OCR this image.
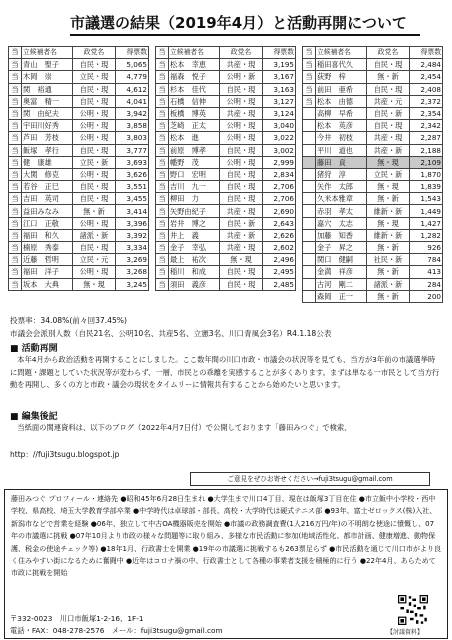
市議選の結果（2019年4月）と活動再開について
当	立候補者名	政党名	得票数
当	青山　聖子	自民・現	5,065
当	木岡　崇	立民・現	4,779
当	関　裕通	自民・現	4,612
当	奥富　精一	自民・現	4,041
当	関　由紀夫	公明・現	3,942
当	宇田川好秀	公明・現	3,858
当	芦田　芳枝	公明・現	3,803
当	飯塚　孝行	自民・現	3,777
当	健　康雄	立民・新	3,693
当	大関　修克	公明・現	3,626
当	若谷　正巳	自民・現	3,551
当	吉田　英司	自民・現	3,455
当	益田みなみ	無・新	3,414
当	江口　正敬	公明・現	3,396
当	福田　和久	諸派・新	3,392
当	楠原　秀泰	自民・現	3,334
当	近藤　哲明	立民・元	3,269
当	福田　洋子	公明・現	3,268
当	坂本　大典	無・現	3,245
当	立候補者名	政党名	得票数
当	松本　幸恵	共産・現	3,195
当	福森　悦子	公明・新	3,167
当	杉本　佳代	自民・現	3,163
当	石橋　信伸	公明・現	3,127
当	板橋　博英	共産・現	3,124
当	芝崎　正太	公明・現	3,040
当	松本　進	公明・現	3,022
当	前原　博孝	自民・現	3,002
当	幡野　茂	公明・現	2,999
当	野口　宏明	自民・現	2,834
当	吉川　九一	自民・現	2,706
当	柳田　力	自民・現	2,706
当	矢野由紀子	共産・現	2,690
当	岩井　博之	自民・新	2,643
当	井上　義	共産・新	2,626
当	金子　幸弘	共産・現	2,602
当	最上　祐次	無・現	2,496
当	稲川　和成	自民・現	2,495
当	須田　義彦	自民・現	2,485
当	立候補者名	政党名	得票数
当	稲田喜代久	自民・現	2,484
当	荻野　梓	無・新	2,454
当	前田　亜希	自民・現	2,408
当	松本　由德	共産・元	2,372
	高柳　早希	自民・新	2,354
	松本　英彦	自民・現	2,342
	今井　初枝	共産・現	2,287
	平川　道也	共産・新	2,188
	藤田　貢	無・現	2,109
	猪狩　淳	立民・新	1,870
	矢作　太郎	無・現	1,839
	久米本雅章	無・新	1,543
	赤羽　孝太	維新・新	1,449
	嘉穴　太志	無・現	1,427
	加藤　知香	維新・新	1,282
	金子　昇之	無・新	926
	関口　健嗣	社民・新	784
	金満　祥彦	無・新	413
	古河　剛二	諸派・新	284
	森岡　正一	無・新	200
投票率：34.08%(前々回37.45%)
市議会会派別人数（自民21名、公明10名、共産5名、立憲3名、川口青風会3名）R4.1.18公表
■ 活動再開
本年4月から政治活動を再開することにしました。ここ数年間の川口市政・市議会の状況等を見ても、当方が3年前の市議選挙時に問題・課題としていた状況等が変わらず、一層、市民との乖離を実感することが多くあります。まずは単なる一市民として当方行動を再開し、多くの方と市政・議会の現状をタイムリーに情報共有することから始めたいと思います。
■ 編集後記
当紙面の関連資料は、以下のブログ（2022年4月7日付）で公開しております「藤田みつぐ」で検索、
http：//fuji3tsugu.blogspot.jp
ご意見をぜひお寄せください→fuji3tsugu@gmail.com
藤田みつぐ プロフィール・連絡先 ●昭和45年6月28日生まれ ●大学生まで川口4丁目、現在は飯塚3丁目在住 ●市立飯中小学校・西中学校、県高校、埼玉大学教育学部卒業 ●中学時代は卓球部・部長、高校・大学時代は硬式テニス部 ●93年、富士ゼロックス(株)入社、新潟市などで営業を経験 ●06年、独立して中古OA機器販売を開始 ●市議の政務調査費(1人216万円/年)の不明朗な使途に憤慨し、07年の市議選に挑戦 ●07年10月より市政の様々な問題等に取り組み、多様な市民活動に参加(地域活性化、都市計画、健康増進、動物保護、税金の使途チェック等) ●18年1月、行政書士を開業 ●19年の市議選に挑戦するも263票足らず ●市民活動を通じて川口市がより良く住みやすい街になるために奮闘中 ●近年はコロナ禍の中、行政書士として各種の事業者支援を積極的に行う ●22年4月、あらためて市政に挑戦を開始
〒332-0023　川口市飯塚1-2-16、1F-1
電話・FAX：048-278-2576　メール：fuji3tsugu@gmail.com	【討議資料】
